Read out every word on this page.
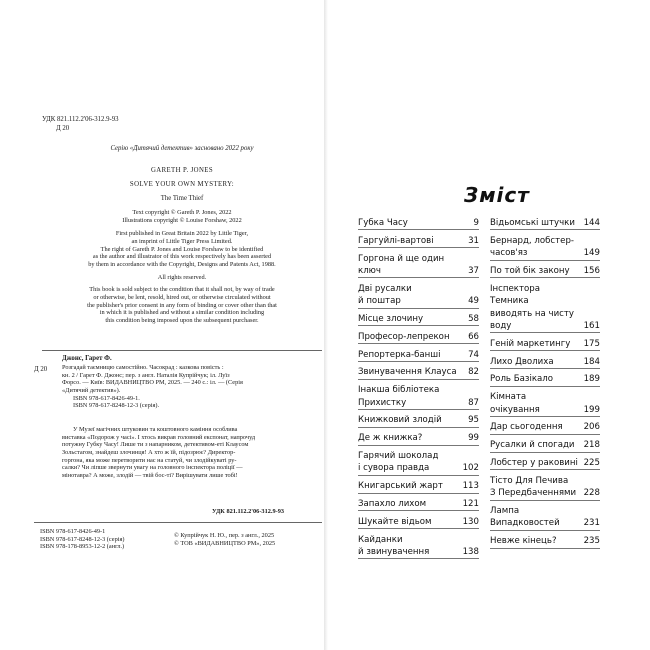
УДК 821.112.2'06-312.9-93
Д 20
Серію «Дитячий детектив» засновано 2022 року
GARETH P. JONES
SOLVE YOUR OWN MYSTERY:
The Time Thief

Text copyright © Gareth P. Jones, 2022

Illustrations copyright © Louise Forshaw, 2022

First published in Great Britain 2022 by Little Tiger,

an imprint of Little Tiger Press Limited.

The right of Gareth P. Jones and Louise Forshaw to be identified

as the author and illustrator of this work respectively has been asserted

by them in accordance with the Copyright, Designs and Patents Act, 1988.

All rights reserved.

This book is sold subject to the condition that it shall not, by way of trade

or otherwise, be lent, resold, hired out, or otherwise circulated without

the publisher's prior consent in any form of binding or cover other than that

in which it is published and without a similar condition including

this condition being imposed upon the subsequent purchaser.

Д 20
Джонс, Гарет Ф.

Розгадай таємницю самостійно. Часокрад : казкова повість :

кн. 2 / Гарет Ф. Джонс; пер. з англ. Наталія Купрійчук; іл. Луїз

Форсо. — Київ: ВИДАВНИЦТВО РМ, 2025. — 240 с.: іл. — (Серія

«Дитячий детектив»).

ISBN 978-617-8426-49-1.

ISBN 978-617-8248-12-3 (серія).

У Музеї магічних штуковин та коштовного каміння особлива

виставка «Подорож у часі». І хтось викрав головний експонат, напрочуд

потужну Губку Часу! Лише ти з напарником, детективом-еті Клаусом

Зольстагом, знайдеш злочинця! А хто ж їй, підозрює? Директор-

горгона, яка може перетворити нас на статуй, чи злодійкуваті ру-

салки? Чи ліпше звернути увагу на головного інспектора поліції —

мінотавра? А може, злодій — твій бос-ті? Вирішувати лише тобі!

УДК 821.112.2'06-312.9-93

ISBN 978-617-8426-49-1

ISBN 978-617-8248-12-3 (серія)

ISBN 978-178-8953-12-2 (англ.)

© Купрійчук Н. Ю., пер. з англ., 2025

© ТОВ «ВИДАВНИЦТВО РМ», 2025

Зміст
Губка Часу	9
Гаргуйлі-вартові	31
Горгона й ще один
ключ	37
Дві русалки
й поштар	49
Місце злочину	58
Професор-лепрекон	66
Репортерка-банші	74
Звинувачення Клауса 82
Інакша бібліотека
Прихистку	87
Книжковий злодій	95
Де ж книжка?	99
Гарячий шоколад
і сувора правда	102
Книгарський жарт	113
Запахло лихом	121
Шукайте відьом	130
Кайданки
й звинувачення	138
Відьомські штучки	144
Бернард, лобстер-
часов'яз	149
По той бік закону	156
Інспектора Темника
виводять на чисту
воду	161
Геній маркетингу	175
Лихо Дволиха	184
Роль Базікало	189
Кімната очікування	199
Дар сьогодення	206
Русалки й спогади	218
Лобстер у раковині 225
Тісто Для Печива
З Передбаченнями 228
Лампа Випадковостей	231
Невже кінець?	235
